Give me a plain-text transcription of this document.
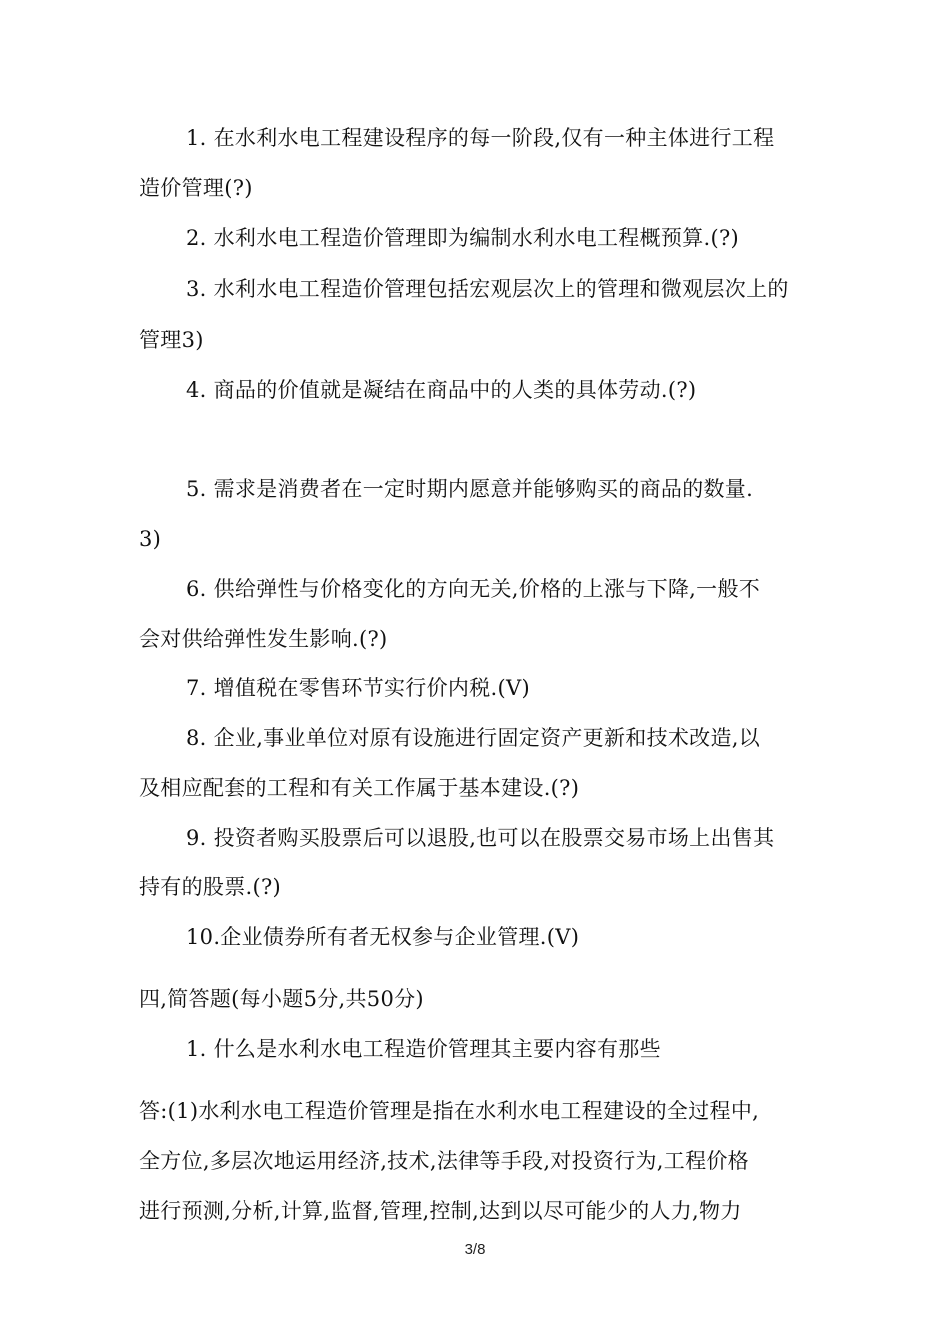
1. 在水利水电工程建设程序的每一阶段,仅有一种主体进行工程
造价管理(?)
2. 水利水电工程造价管理即为编制水利水电工程概预算.(?)
3. 水利水电工程造价管理包括宏观层次上的管理和微观层次上的
管理3)
4. 商品的价值就是凝结在商品中的人类的具体劳动.(?)
5. 需求是消费者在一定时期内愿意并能够购买的商品的数量.
3)
6. 供给弹性与价格变化的方向无关,价格的上涨与下降,一般不
会对供给弹性发生影响.(?)
7. 增值税在零售环节实行价内税.(V)
8. 企业,事业单位对原有设施进行固定资产更新和技术改造,以
及相应配套的工程和有关工作属于基本建设.(?)
9. 投资者购买股票后可以退股,也可以在股票交易市场上出售其
持有的股票.(?)
10.企业债券所有者无权参与企业管理.(V)
四,简答题(每小题5分,共50分)
1. 什么是水利水电工程造价管理其主要内容有那些
答:(1)水利水电工程造价管理是指在水利水电工程建设的全过程中,
全方位,多层次地运用经济,技术,法律等手段,对投资行为,工程价格
进行预测,分析,计算,监督,管理,控制,达到以尽可能少的人力,物力
3/8
